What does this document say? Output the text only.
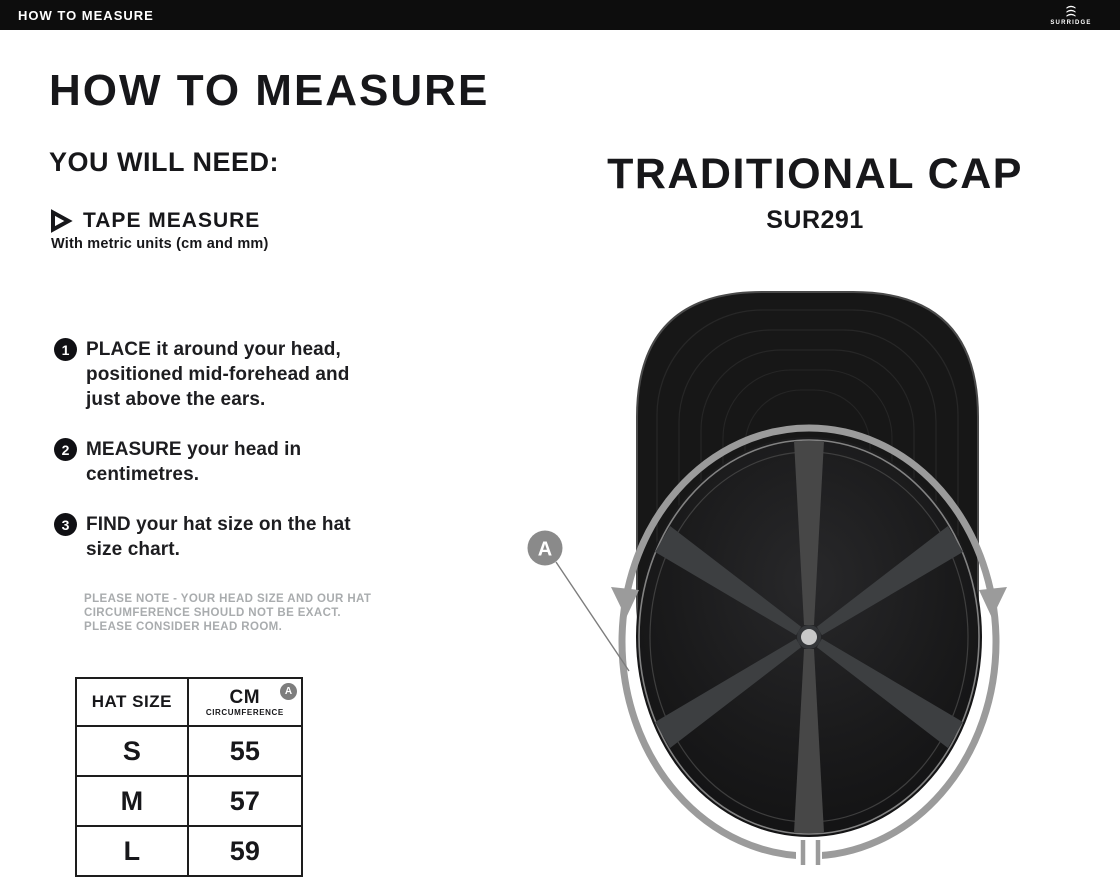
HOW TO MEASURE
SURRIDGE
HOW TO MEASURE
YOU WILL NEED:
TAPE MEASURE
With metric units (cm and mm)
1 PLACE it around your head,
positioned mid-forehead and
just above the ears.
2 MEASURE your head in
centimetres.
3 FIND your hat size on the hat
size chart.
PLEASE NOTE - YOUR HEAD SIZE AND OUR HAT
CIRCUMFERENCE SHOULD NOT BE EXACT.
PLEASE CONSIDER HEAD ROOM.
HAT SIZE	CM
CIRCUMFERENCE
A

S	55
M	57
L	59
TRADITIONAL CAP
SUR291
A
